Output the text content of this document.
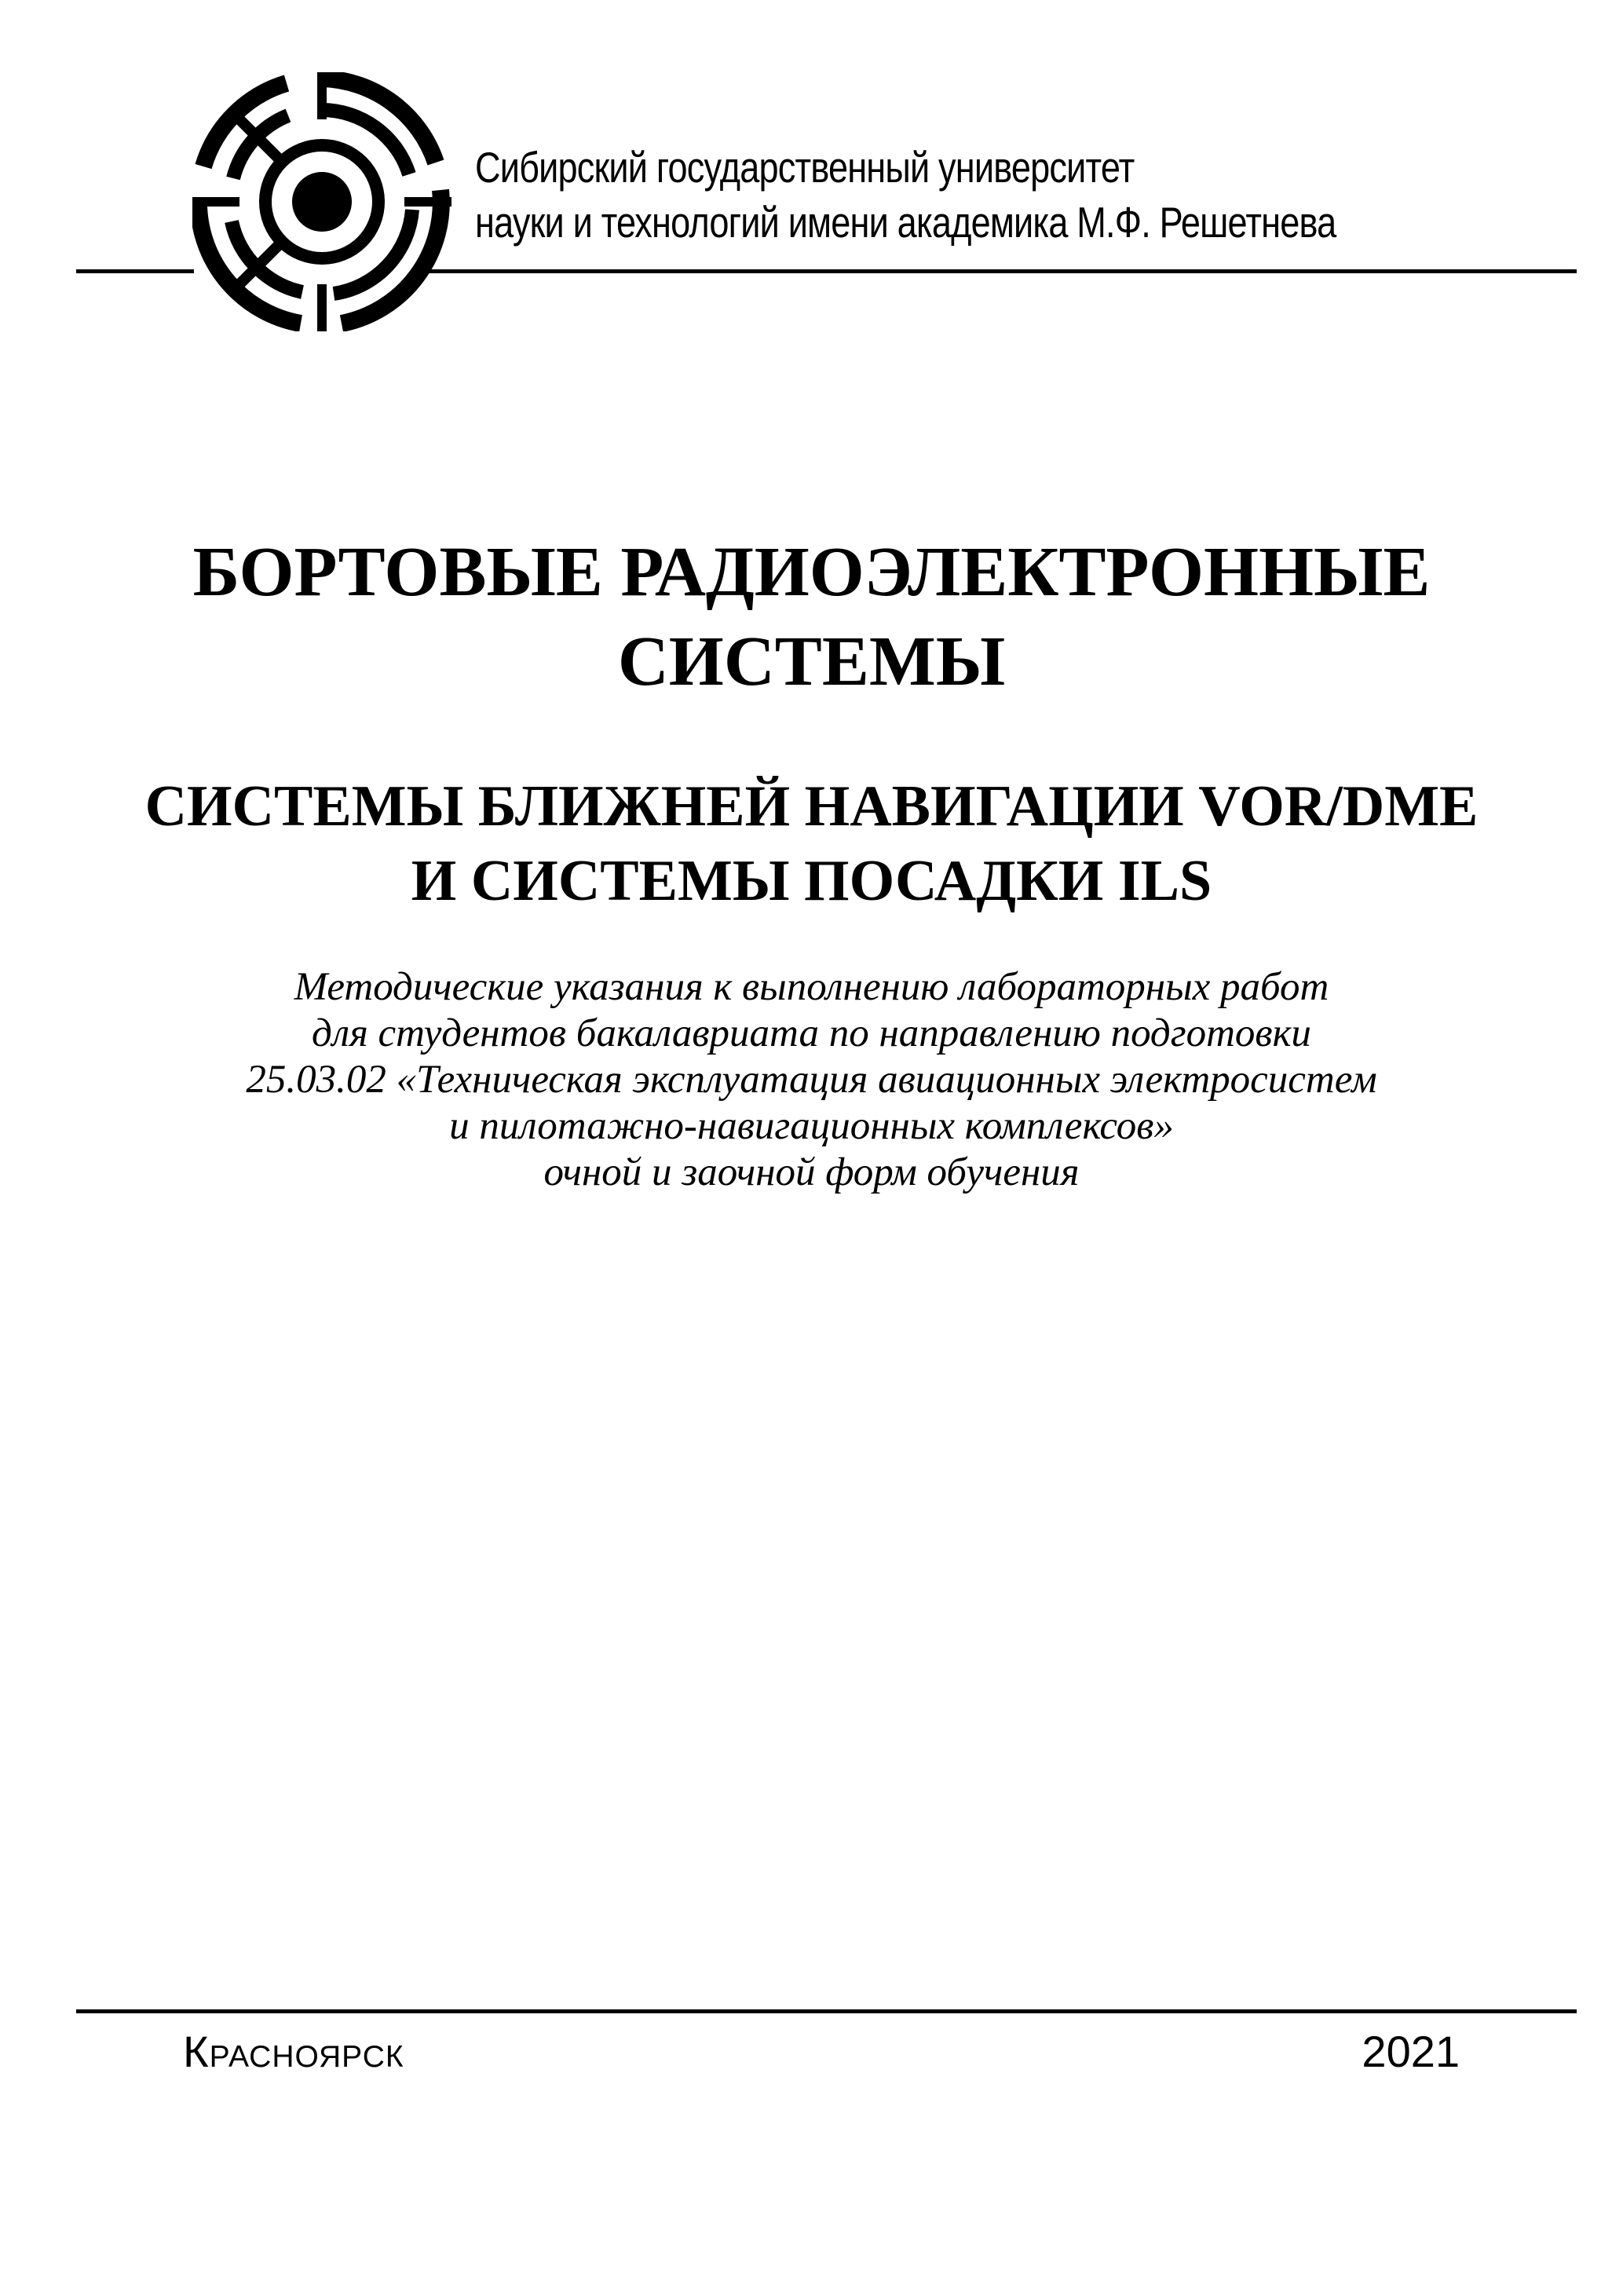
Сибирский государственный университет
науки и технологий имени академика М.Ф. Решетнева
БОРТОВЫЕ РАДИОЭЛЕКТРОННЫЕ
СИСТЕМЫ
СИСТЕМЫ БЛИЖНЕЙ НАВИГАЦИИ VOR/DME
И СИСТЕМЫ ПОСАДКИ ILS
Методические указания к выполнению лабораторных работ
для студентов бакалавриата по направлению подготовки
25.03.02 «Техническая эксплуатация авиационных электросистем
и пилотажно-навигационных комплексов»
очной и заочной форм обучения
Красноярск	2021
